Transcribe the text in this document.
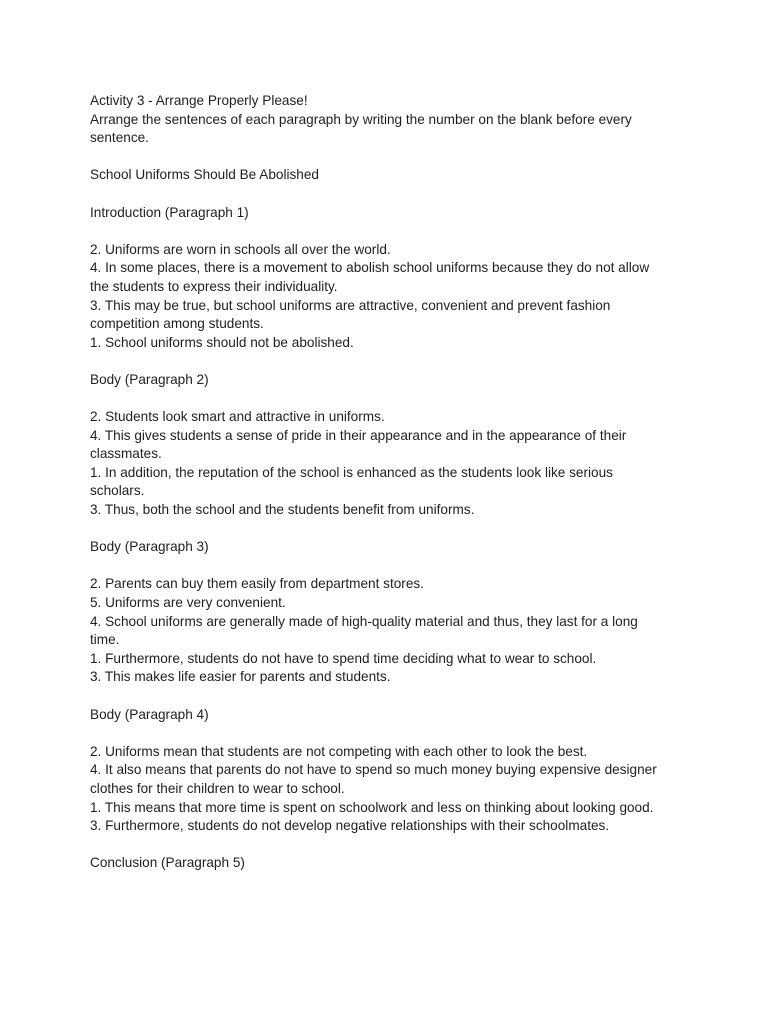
Activity 3 - Arrange Properly Please!
Arrange the sentences of each paragraph by writing the number on the blank before every sentence.
School Uniforms Should Be Abolished
Introduction (Paragraph 1)
2. Uniforms are worn in schools all over the world.
4. In some places, there is a movement to abolish school uniforms because they do not allow the students to express their individuality.
3. This may be true, but school uniforms are attractive, convenient and prevent fashion competition among students.
1. School uniforms should not be abolished.
Body (Paragraph 2)
2. Students look smart and attractive in uniforms.
4. This gives students a sense of pride in their appearance and in the appearance of their classmates.
1. In addition, the reputation of the school is enhanced as the students look like serious scholars.
3. Thus, both the school and the students benefit from uniforms.
Body (Paragraph 3)
2. Parents can buy them easily from department stores.
5. Uniforms are very convenient.
4. School uniforms are generally made of high-quality material and thus, they last for a long time.
1. Furthermore, students do not have to spend time deciding what to wear to school.
3. This makes life easier for parents and students.
Body (Paragraph 4)
2. Uniforms mean that students are not competing with each other to look the best.
4. It also means that parents do not have to spend so much money buying expensive designer clothes for their children to wear to school.
1. This means that more time is spent on schoolwork and less on thinking about looking good.
3. Furthermore, students do not develop negative relationships with their schoolmates.
Conclusion (Paragraph 5)
